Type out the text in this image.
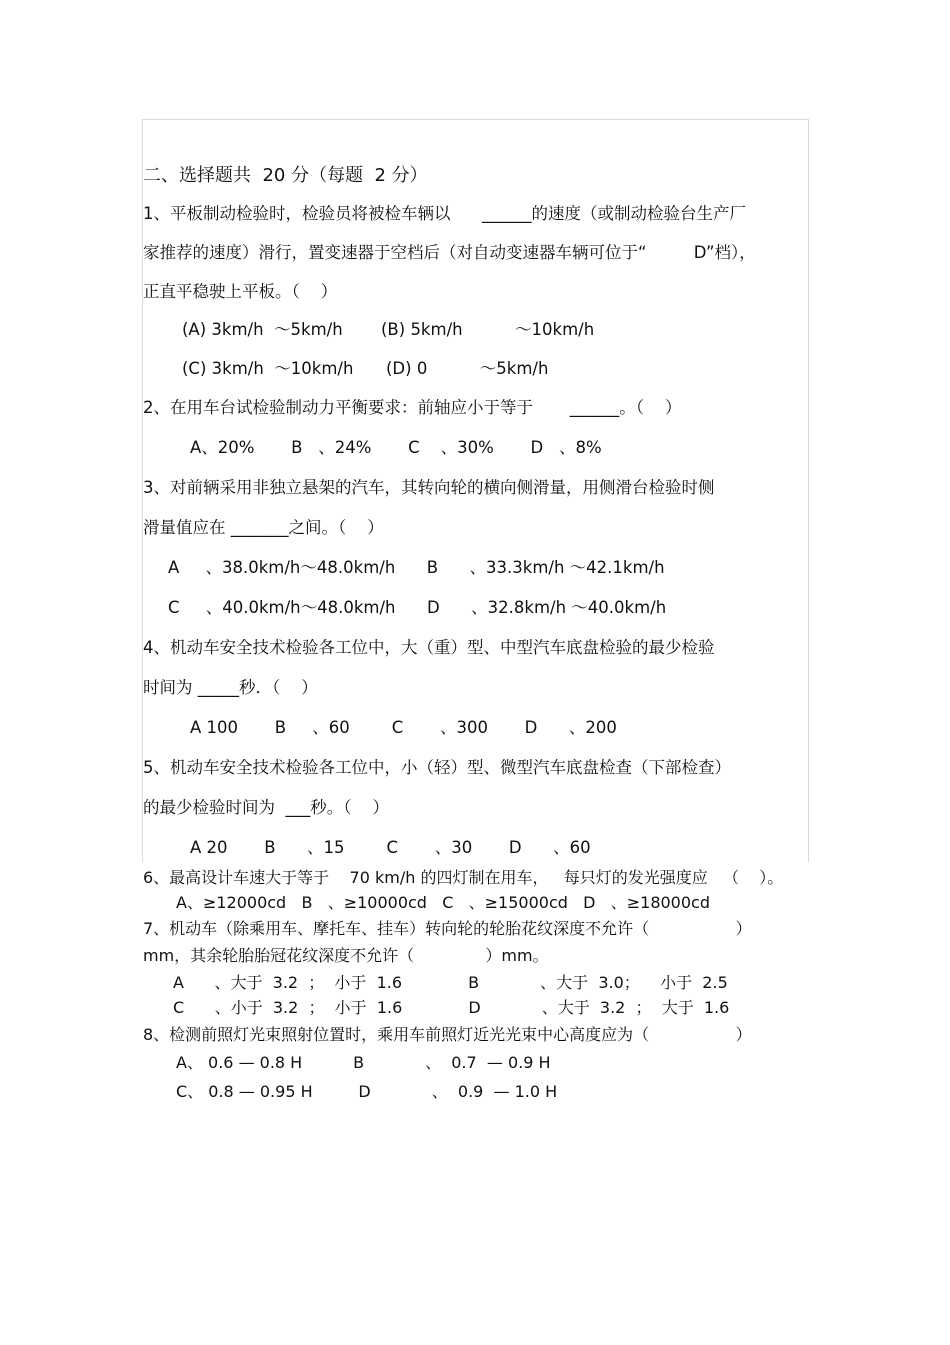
二、选择题共  20 分（每题  2 分）
1、平板制动检验时，检验员将被检车辆以      ______的速度（或制动检验台生产厂
家推荐的速度）滑行，置变速器于空档后（对自动变速器车辆可位于“         D”档），
正直平稳驶上平板。（    ）
(A) 3km/h  ～5km/h (B) 5km/h          ～10km/h
(C) 3km/h  ～10km/h (D) 0          ～5km/h
2、在用车台试检验制动力平衡要求：前轴应小于等于       ______。（    ）
A、20%       B   、24%       C    、30%       D   、8%
3、对前辆采用非独立悬架的汽车，其转向轮的横向侧滑量，用侧滑台检验时侧
滑量值应在 _______之间。（    ）
A     、38.0km/h～48.0km/h      B      、33.3km/h ～42.1km/h
C     、40.0km/h～48.0km/h      D      、32.8km/h ～40.0km/h
4、机动车安全技术检验各工位中，大（重）型、中型汽车底盘检验的最少检验
时间为 _____秒．（    ）
A 100       B     、60        C       、300       D      、200
5、机动车安全技术检验各工位中，小（轻）型、微型汽车底盘检查（下部检查）
的最少检验时间为  ___秒。（    ）
A 20       B      、15        C       、30       D      、60
6、最高设计车速大于等于    70 km/h 的四灯制在用车，   每只灯的发光强度应   （    ）。
A、≥12000cd   B   、≥10000cd   C   、≥15000cd   D   、≥18000cd
7、机动车（除乘用车、摩托车、挂车）转向轮的轮胎花纹深度不允许（                 ）
mm，其余轮胎胎冠花纹深度不允许（              ）mm。
A      、大于  3.2  ；  小于  1.6             B            、大于  3.0；    小于  2.5
C      、小于  3.2  ；  小于  1.6             D            、大于  3.2  ；  大于  1.6
8、检测前照灯光束照射位置时，乘用车前照灯近光光束中心高度应为（                 ）
A、 0.6 — 0.8 H          B            、  0.7  — 0.9 H
C、 0.8 — 0.95 H         D            、  0.9  — 1.0 H
